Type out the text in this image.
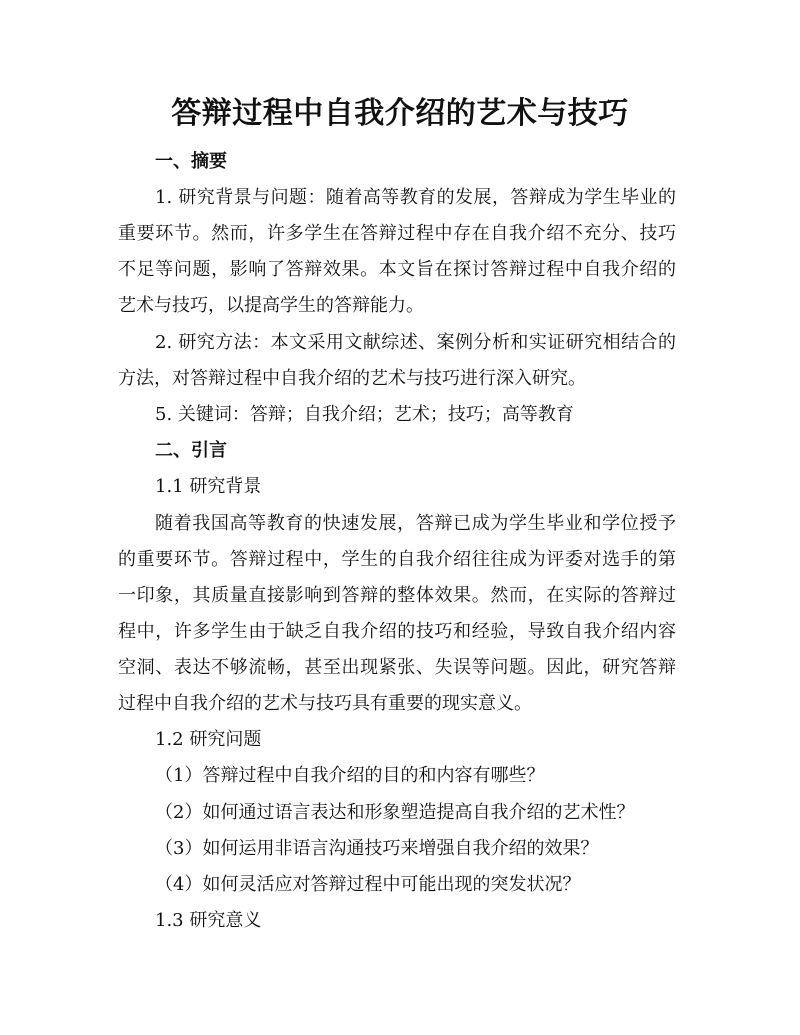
答辩过程中自我介绍的艺术与技巧
一、摘要
1. 研究背景与问题：随着高等教育的发展，答辩成为学生毕业的
重要环节。然而，许多学生在答辩过程中存在自我介绍不充分、技巧
不足等问题，影响了答辩效果。本文旨在探讨答辩过程中自我介绍的
艺术与技巧，以提高学生的答辩能力。
2. 研究方法：本文采用文献综述、案例分析和实证研究相结合的
方法，对答辩过程中自我介绍的艺术与技巧进行深入研究。
5. 关键词：答辩；自我介绍；艺术；技巧；高等教育
二、引言
1.1 研究背景
随着我国高等教育的快速发展，答辩已成为学生毕业和学位授予
的重要环节。答辩过程中，学生的自我介绍往往成为评委对选手的第
一印象，其质量直接影响到答辩的整体效果。然而，在实际的答辩过
程中，许多学生由于缺乏自我介绍的技巧和经验，导致自我介绍内容
空洞、表达不够流畅，甚至出现紧张、失误等问题。因此，研究答辩
过程中自我介绍的艺术与技巧具有重要的现实意义。
1.2 研究问题
（1）答辩过程中自我介绍的目的和内容有哪些？
（2）如何通过语言表达和形象塑造提高自我介绍的艺术性？
（3）如何运用非语言沟通技巧来增强自我介绍的效果？
（4）如何灵活应对答辩过程中可能出现的突发状况？
1.3 研究意义
